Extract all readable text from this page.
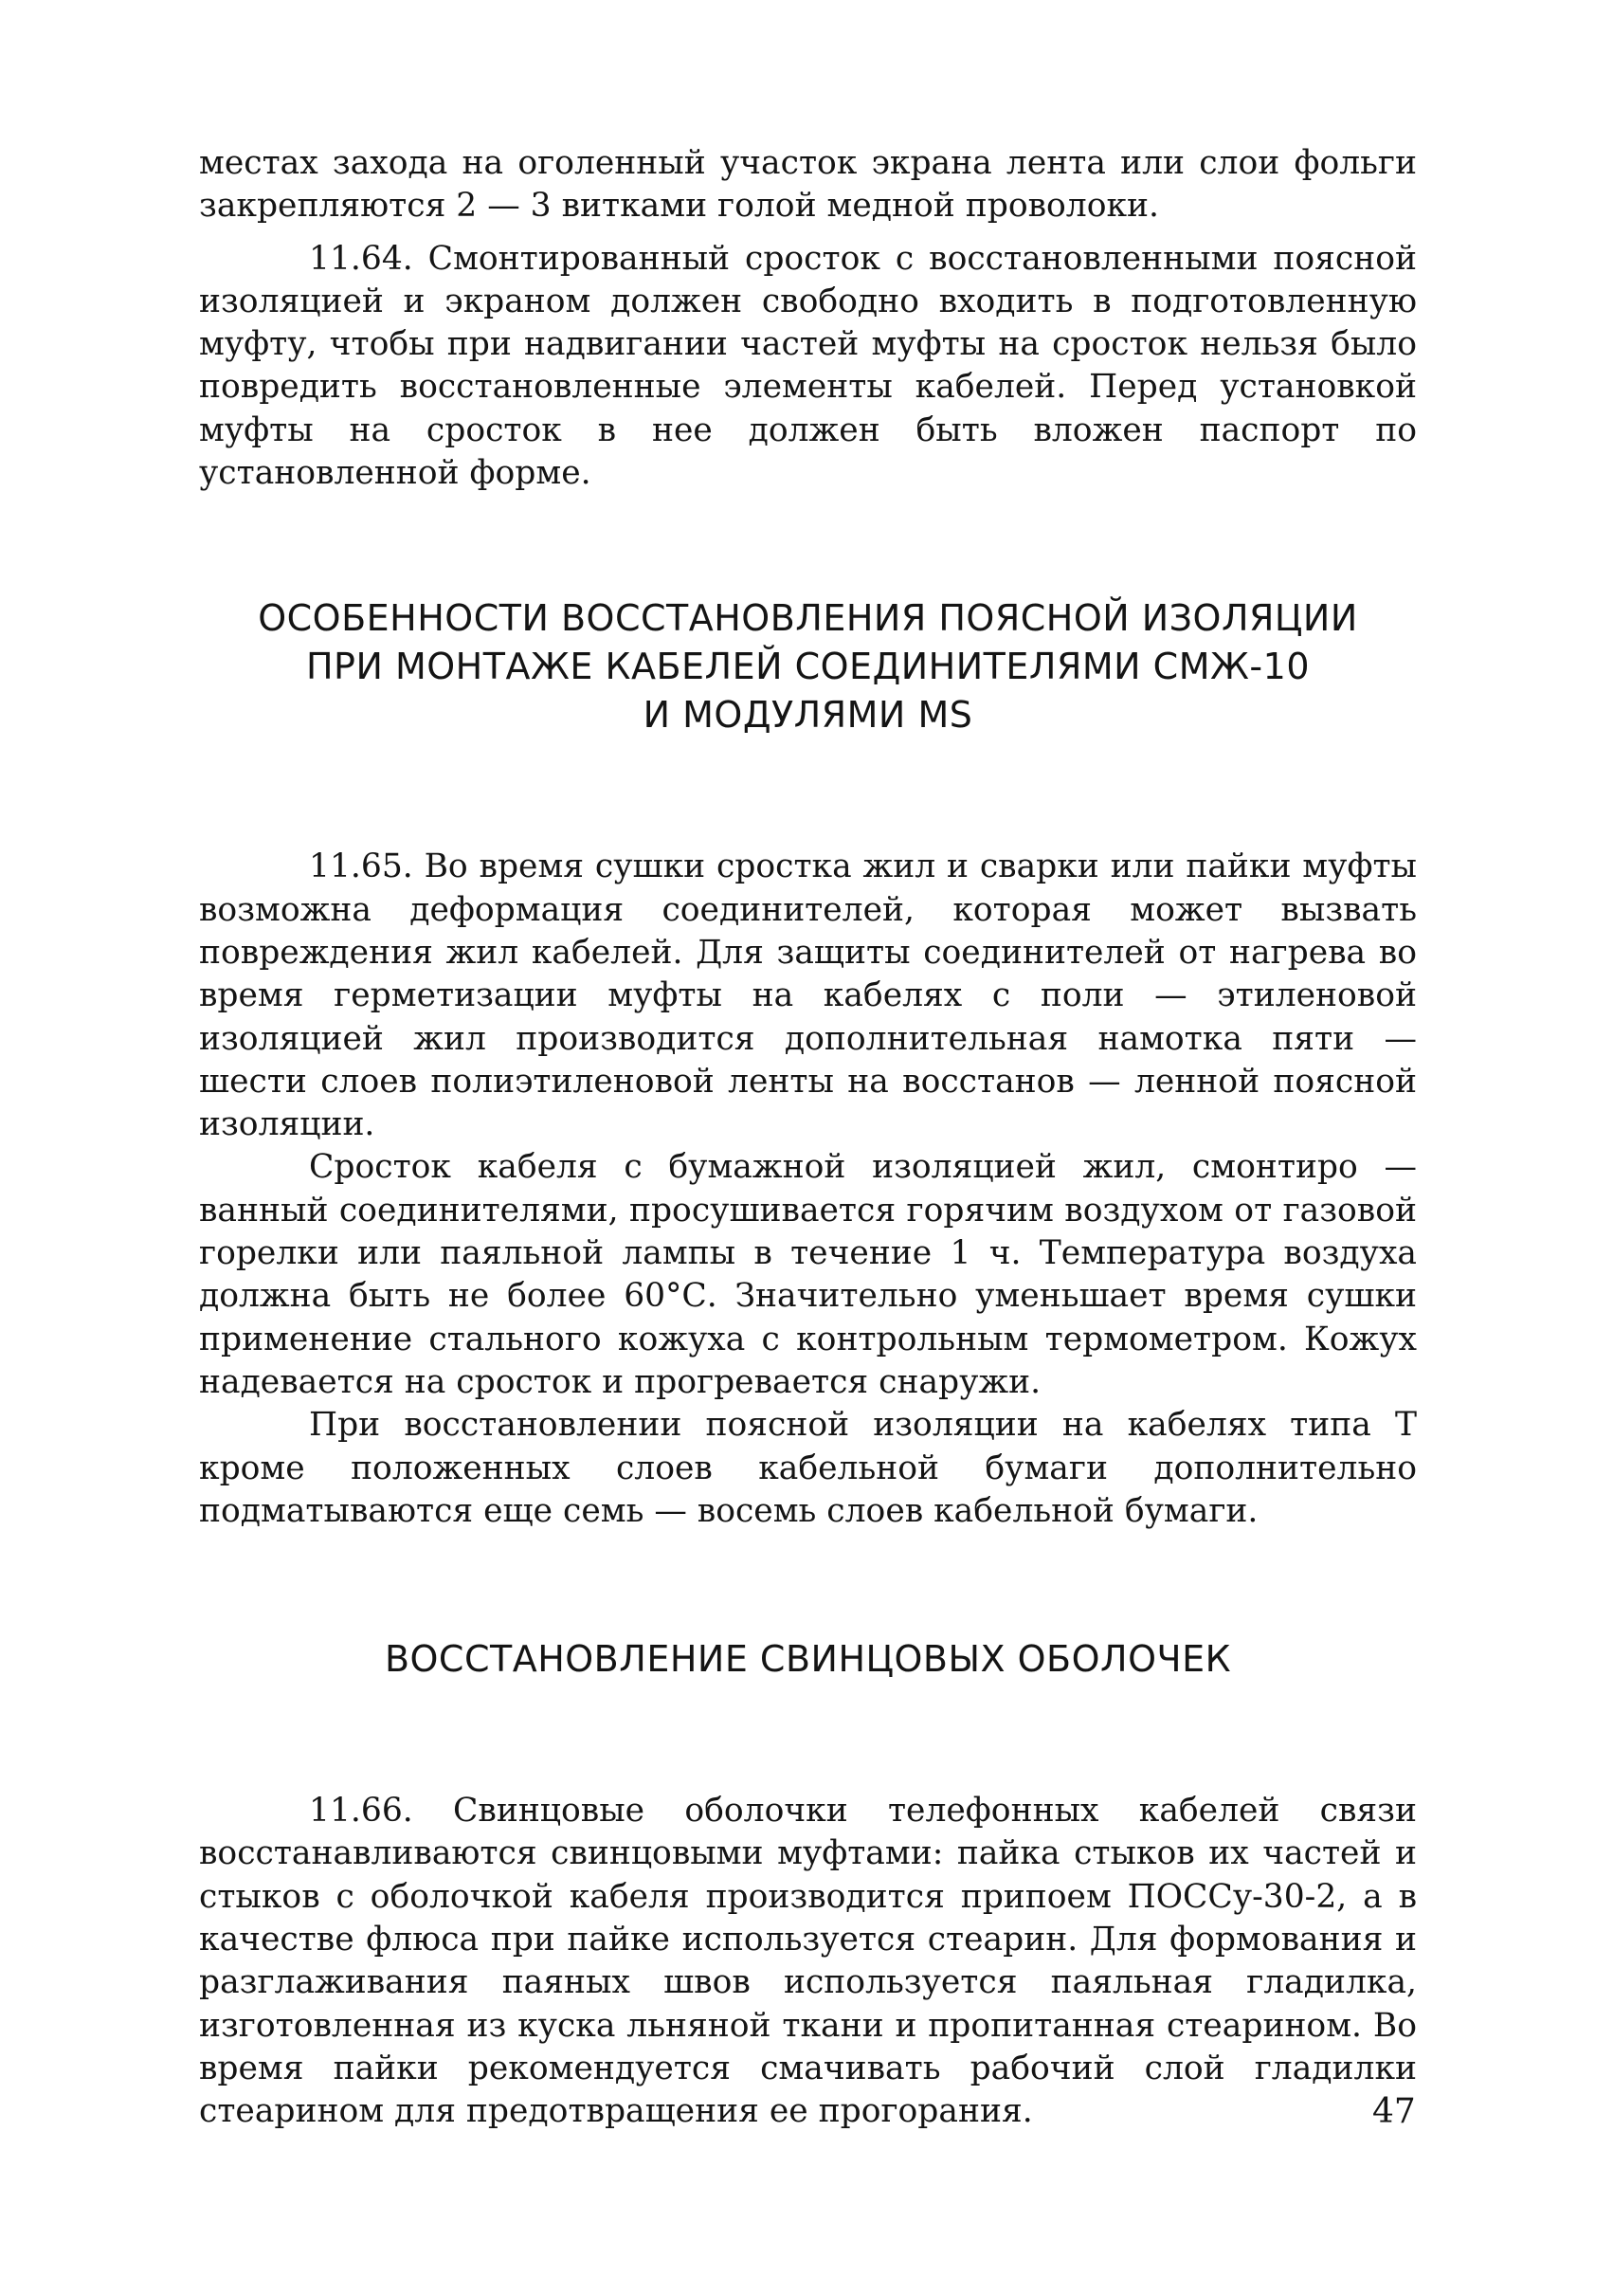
местах захода на оголенный участок экрана лента или слои фольги закрепляются 2 — 3 витками голой медной проволоки.

11.64. Смонтированный сросток с восстановленными поясной изоляцией и экраном должен свободно входить в подготовленную муфту, чтобы при надвигании частей муфты на сросток нельзя было повредить восстановленные элементы кабелей. Перед установкой муфты на сросток в нее должен быть вложен паспорт по установленной форме.

ОСОБЕННОСТИ ВОССТАНОВЛЕНИЯ ПОЯСНОЙ ИЗОЛЯЦИИ
ПРИ МОНТАЖЕ КАБЕЛЕЙ СОЕДИНИТЕЛЯМИ СМЖ-10
И МОДУЛЯМИ MS

11.65. Во время сушки сростка жил и сварки или пайки муфты возможна деформация соединителей, которая может вызвать повреждения жил кабелей. Для защиты соединителей от нагрева во время герметизации муфты на кабелях с поли — этиленовой изоляцией жил производится дополнительная намотка пяти — шести слоев полиэтиленовой ленты на восстанов — ленной поясной изоляции.

Сросток кабеля с бумажной изоляцией жил, смонтиро — ванный соединителями, просушивается горячим воздухом от газовой горелки или паяльной лампы в течение 1 ч. Температура воздуха должна быть не более 60°С. Значительно уменьшает время сушки применение стального кожуха с контрольным термометром. Кожух надевается на сросток и прогревается снаружи.

При восстановлении поясной изоляции на кабелях типа Т кроме положенных слоев кабельной бумаги дополнительно подматываются еще семь — восемь слоев кабельной бумаги.

ВОССТАНОВЛЕНИЕ СВИНЦОВЫХ ОБОЛОЧЕК

11.66. Свинцовые оболочки телефонных кабелей связи восстанавливаются свинцовыми муфтами: пайка стыков их частей и стыков с оболочкой кабеля производится припоем ПОССу-30-2, а в качестве флюса при пайке используется стеарин. Для формования и разглаживания паяных швов используется паяльная гладилка, изготовленная из куска льняной ткани и пропитанная стеарином. Во время пайки рекомендуется смачивать рабочий слой гладилки стеарином для предотвращения ее прогорания.	47
